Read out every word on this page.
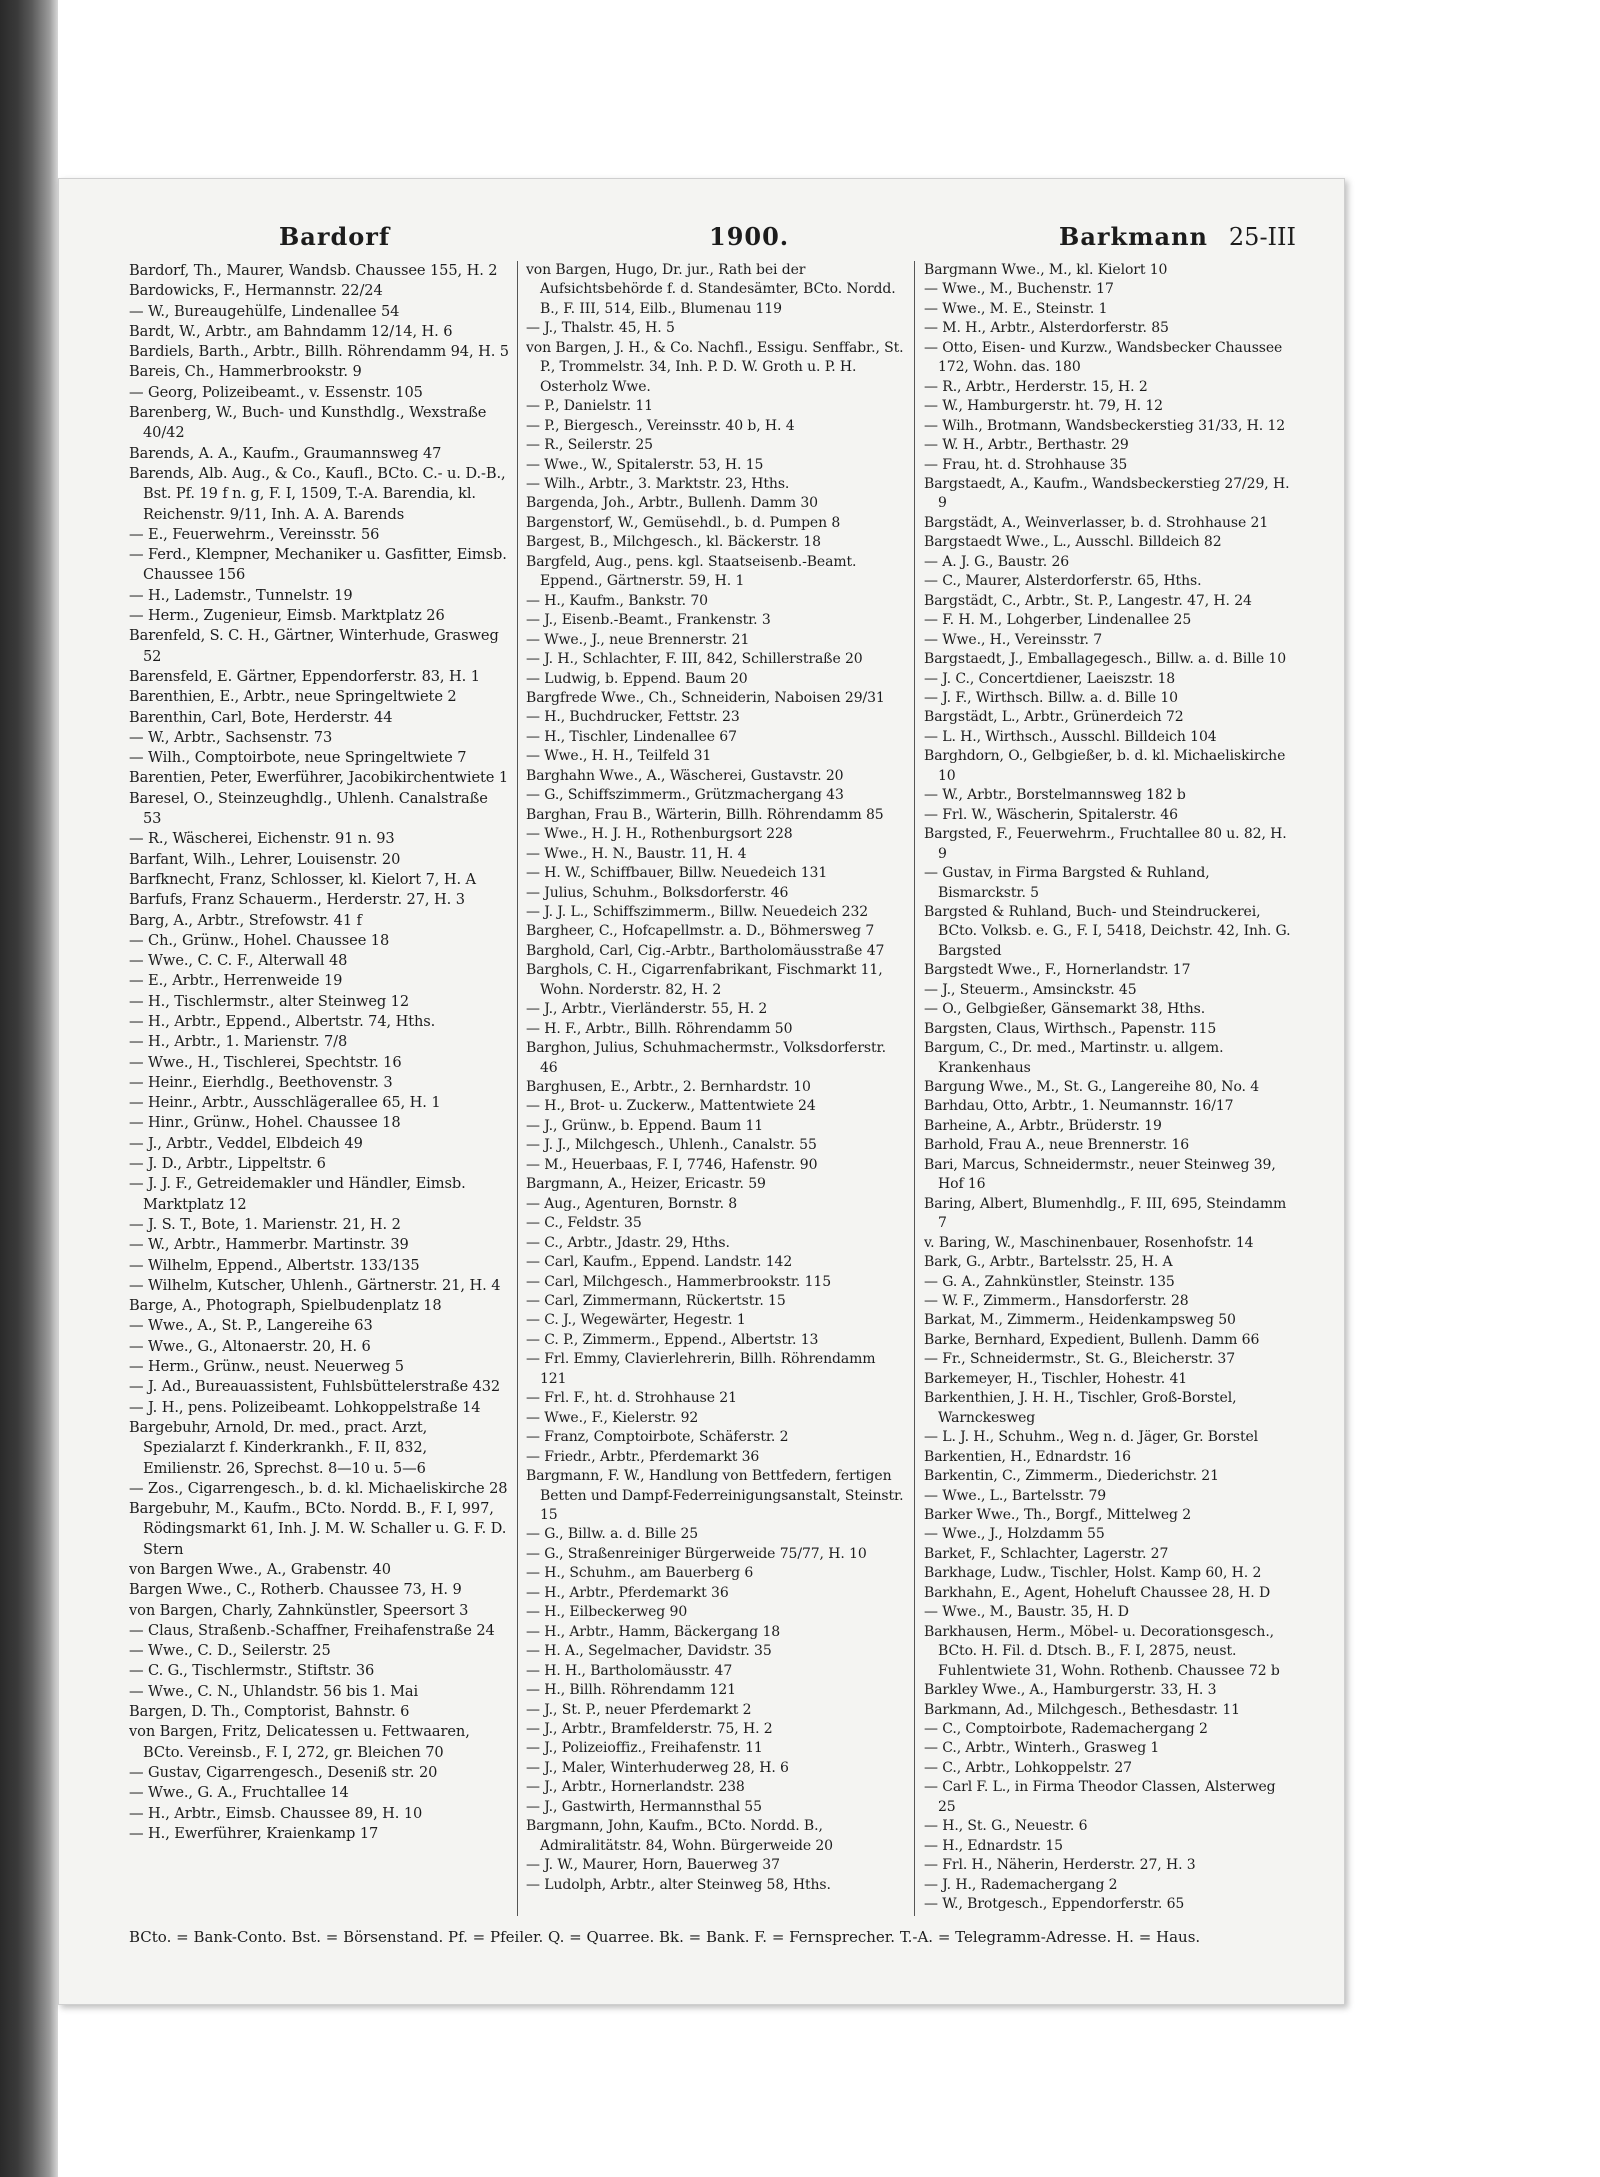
Bardorf	1900.	Barkmann 25-III

Bardorf, Th., Maurer, Wandsb. Chaussee 155, H. 2

Bardowicks, F., Hermannstr. 22/24

— W., Bureaugehülfe, Lindenallee 54

Bardt, W., Arbtr., am Bahndamm 12/14, H. 6

Bardiels, Barth., Arbtr., Billh. Röhrendamm 94, H. 5

Bareis, Ch., Hammerbrookstr. 9

— Georg, Polizeibeamt., v. Essenstr. 105

Barenberg, W., Buch- und Kunsthdlg., Wexstraße 40/42

Barends, A. A., Kaufm., Graumannsweg 47

Barends, Alb. Aug., & Co., Kaufl., BCto. C.- u. D.-B., Bst. Pf. 19 f n. g, F. I, 1509, T.-A. Barendia, kl. Reichenstr. 9/11, Inh. A. A. Barends

— E., Feuerwehrm., Vereinsstr. 56

— Ferd., Klempner, Mechaniker u. Gasfitter, Eimsb. Chaussee 156

— H., Lademstr., Tunnelstr. 19

— Herm., Zugenieur, Eimsb. Marktplatz 26

Barenfeld, S. C. H., Gärtner, Winterhude, Grasweg 52

Barensfeld, E. Gärtner, Eppendorferstr. 83, H. 1

Barenthien, E., Arbtr., neue Springeltwiete 2

Barenthin, Carl, Bote, Herderstr. 44

— W., Arbtr., Sachsenstr. 73

— Wilh., Comptoirbote, neue Springeltwiete 7

Barentien, Peter, Ewerführer, Jacobikirchentwiete 1

Baresel, O., Steinzeughdlg., Uhlenh. Canalstraße 53

— R., Wäscherei, Eichenstr. 91 n. 93

Barfant, Wilh., Lehrer, Louisenstr. 20

Barfknecht, Franz, Schlosser, kl. Kielort 7, H. A

Barfufs, Franz Schauerm., Herderstr. 27, H. 3

Barg, A., Arbtr., Strefowstr. 41 f

— Ch., Grünw., Hohel. Chaussee 18

— Wwe., C. C. F., Alterwall 48

— E., Arbtr., Herrenweide 19

— H., Tischlermstr., alter Steinweg 12

— H., Arbtr., Eppend., Albertstr. 74, Hths.

— H., Arbtr., 1. Marienstr. 7/8

— Wwe., H., Tischlerei, Spechtstr. 16

— Heinr., Eierhdlg., Beethovenstr. 3

— Heinr., Arbtr., Ausschlägerallee 65, H. 1

— Hinr., Grünw., Hohel. Chaussee 18

— J., Arbtr., Veddel, Elbdeich 49

— J. D., Arbtr., Lippeltstr. 6

— J. J. F., Getreidemakler und Händler, Eimsb. Marktplatz 12

— J. S. T., Bote, 1. Marienstr. 21, H. 2

— W., Arbtr., Hammerbr. Martinstr. 39

— Wilhelm, Eppend., Albertstr. 133/135

— Wilhelm, Kutscher, Uhlenh., Gärtnerstr. 21, H. 4

Barge, A., Photograph, Spielbudenplatz 18

— Wwe., A., St. P., Langereihe 63

— Wwe., G., Altonaerstr. 20, H. 6

— Herm., Grünw., neust. Neuerweg 5

— J. Ad., Bureauassistent, Fuhlsbüttelerstraße 432

— J. H., pens. Polizeibeamt. Lohkoppelstraße 14

Bargebuhr, Arnold, Dr. med., pract. Arzt, Spezialarzt f. Kinderkrankh., F. II, 832, Emilienstr. 26, Sprechst. 8—10 u. 5—6

— Zos., Cigarrengesch., b. d. kl. Michaeliskirche 28

Bargebuhr, M., Kaufm., BCto. Nordd. B., F. I, 997, Rödingsmarkt 61, Inh. J. M. W. Schaller u. G. F. D. Stern

von Bargen Wwe., A., Grabenstr. 40

Bargen Wwe., C., Rotherb. Chaussee 73, H. 9

von Bargen, Charly, Zahnkünstler, Speersort 3

— Claus, Straßenb.-Schaffner, Freihafenstraße 24

— Wwe., C. D., Seilerstr. 25

— C. G., Tischlermstr., Stiftstr. 36

— Wwe., C. N., Uhlandstr. 56 bis 1. Mai

Bargen, D. Th., Comptorist, Bahnstr. 6

von Bargen, Fritz, Delicatessen u. Fettwaaren, BCto. Vereinsb., F. I, 272, gr. Bleichen 70

— Gustav, Cigarrengesch., Deseniß str. 20

— Wwe., G. A., Fruchtallee 14

— H., Arbtr., Eimsb. Chaussee 89, H. 10

— H., Ewerführer, Kraienkamp 17

von Bargen, Hugo, Dr. jur., Rath bei der Aufsichtsbehörde f. d. Standesämter, BCto. Nordd. B., F. III, 514, Eilb., Blumenau 119

— J., Thalstr. 45, H. 5

von Bargen, J. H., & Co. Nachfl., Essigu. Senffabr., St. P., Trommelstr. 34, Inh. P. D. W. Groth u. P. H. Osterholz Wwe.

— P., Danielstr. 11

— P., Biergesch., Vereinsstr. 40 b, H. 4

— R., Seilerstr. 25

— Wwe., W., Spitalerstr. 53, H. 15

— Wilh., Arbtr., 3. Marktstr. 23, Hths.

Bargenda, Joh., Arbtr., Bullenh. Damm 30

Bargenstorf, W., Gemüsehdl., b. d. Pumpen 8

Bargest, B., Milchgesch., kl. Bäckerstr. 18

Bargfeld, Aug., pens. kgl. Staatseisenb.-Beamt. Eppend., Gärtnerstr. 59, H. 1

— H., Kaufm., Bankstr. 70

— J., Eisenb.-Beamt., Frankenstr. 3

— Wwe., J., neue Brennerstr. 21

— J. H., Schlachter, F. III, 842, Schillerstraße 20

— Ludwig, b. Eppend. Baum 20

Bargfrede Wwe., Ch., Schneiderin, Naboisen 29/31

— H., Buchdrucker, Fettstr. 23

— H., Tischler, Lindenallee 67

— Wwe., H. H., Teilfeld 31

Barghahn Wwe., A., Wäscherei, Gustavstr. 20

— G., Schiffszimmerm., Grützmachergang 43

Barghan, Frau B., Wärterin, Billh. Röhrendamm 85

— Wwe., H. J. H., Rothenburgsort 228

— Wwe., H. N., Baustr. 11, H. 4

— H. W., Schiffbauer, Billw. Neuedeich 131

— Julius, Schuhm., Bolksdorferstr. 46

— J. J. L., Schiffszimmerm., Billw. Neuedeich 232

Bargheer, C., Hofcapellmstr. a. D., Böhmersweg 7

Barghold, Carl, Cig.-Arbtr., Bartholomäusstraße 47

Barghols, C. H., Cigarrenfabrikant, Fischmarkt 11, Wohn. Norderstr. 82, H. 2

— J., Arbtr., Vierländerstr. 55, H. 2

— H. F., Arbtr., Billh. Röhrendamm 50

Barghon, Julius, Schuhmachermstr., Volksdorferstr. 46

Barghusen, E., Arbtr., 2. Bernhardstr. 10

— H., Brot- u. Zuckerw., Mattentwiete 24

— J., Grünw., b. Eppend. Baum 11

— J. J., Milchgesch., Uhlenh., Canalstr. 55

— M., Heuerbaas, F. I, 7746, Hafenstr. 90

Bargmann, A., Heizer, Ericastr. 59

— Aug., Agenturen, Bornstr. 8

— C., Feldstr. 35

— C., Arbtr., Jdastr. 29, Hths.

— Carl, Kaufm., Eppend. Landstr. 142

— Carl, Milchgesch., Hammerbrookstr. 115

— Carl, Zimmermann, Rückertstr. 15

— C. J., Wegewärter, Hegestr. 1

— C. P., Zimmerm., Eppend., Albertstr. 13

— Frl. Emmy, Clavierlehrerin, Billh. Röhrendamm 121

— Frl. F., ht. d. Strohhause 21

— Wwe., F., Kielerstr. 92

— Franz, Comptoirbote, Schäferstr. 2

— Friedr., Arbtr., Pferdemarkt 36

Bargmann, F. W., Handlung von Bettfedern, fertigen Betten und Dampf-Federreinigungsanstalt, Steinstr. 15

— G., Billw. a. d. Bille 25

— G., Straßenreiniger Bürgerweide 75/77, H. 10

— H., Schuhm., am Bauerberg 6

— H., Arbtr., Pferdemarkt 36

— H., Eilbeckerweg 90

— H., Arbtr., Hamm, Bäckergang 18

— H. A., Segelmacher, Davidstr. 35

— H. H., Bartholomäusstr. 47

— H., Billh. Röhrendamm 121

— J., St. P., neuer Pferdemarkt 2

— J., Arbtr., Bramfelderstr. 75, H. 2

— J., Polizeioffiz., Freihafenstr. 11

— J., Maler, Winterhuderweg 28, H. 6

— J., Arbtr., Hornerlandstr. 238

— J., Gastwirth, Hermannsthal 55

Bargmann, John, Kaufm., BCto. Nordd. B., Admiralitätstr. 84, Wohn. Bürgerweide 20

— J. W., Maurer, Horn, Bauerweg 37

— Ludolph, Arbtr., alter Steinweg 58, Hths.

Bargmann Wwe., M., kl. Kielort 10

— Wwe., M., Buchenstr. 17

— Wwe., M. E., Steinstr. 1

— M. H., Arbtr., Alsterdorferstr. 85

— Otto, Eisen- und Kurzw., Wandsbecker Chaussee 172, Wohn. das. 180

— R., Arbtr., Herderstr. 15, H. 2

— W., Hamburgerstr. ht. 79, H. 12

— Wilh., Brotmann, Wandsbeckerstieg 31/33, H. 12

— W. H., Arbtr., Berthastr. 29

— Frau, ht. d. Strohhause 35

Bargstaedt, A., Kaufm., Wandsbeckerstieg 27/29, H. 9

Bargstädt, A., Weinverlasser, b. d. Strohhause 21

Bargstaedt Wwe., L., Ausschl. Billdeich 82

— A. J. G., Baustr. 26

— C., Maurer, Alsterdorferstr. 65, Hths.

Bargstädt, C., Arbtr., St. P., Langestr. 47, H. 24

— F. H. M., Lohgerber, Lindenallee 25

— Wwe., H., Vereinsstr. 7

Bargstaedt, J., Emballagegesch., Billw. a. d. Bille 10

— J. C., Concertdiener, Laeiszstr. 18

— J. F., Wirthsch. Billw. a. d. Bille 10

Bargstädt, L., Arbtr., Grünerdeich 72

— L. H., Wirthsch., Ausschl. Billdeich 104

Barghdorn, O., Gelbgießer, b. d. kl. Michaeliskirche 10

— W., Arbtr., Borstelmannsweg 182 b

— Frl. W., Wäscherin, Spitalerstr. 46

Bargsted, F., Feuerwehrm., Fruchtallee 80 u. 82, H. 9

— Gustav, in Firma Bargsted & Ruhland, Bismarckstr. 5

Bargsted & Ruhland, Buch- und Steindruckerei, BCto. Volksb. e. G., F. I, 5418, Deichstr. 42, Inh. G. Bargsted

Bargstedt Wwe., F., Hornerlandstr. 17

— J., Steuerm., Amsinckstr. 45

— O., Gelbgießer, Gänsemarkt 38, Hths.

Bargsten, Claus, Wirthsch., Papenstr. 115

Bargum, C., Dr. med., Martinstr. u. allgem. Krankenhaus

Bargung Wwe., M., St. G., Langereihe 80, No. 4

Barhdau, Otto, Arbtr., 1. Neumannstr. 16/17

Barheine, A., Arbtr., Brüderstr. 19

Barhold, Frau A., neue Brennerstr. 16

Bari, Marcus, Schneidermstr., neuer Steinweg 39, Hof 16

Baring, Albert, Blumenhdlg., F. III, 695, Steindamm 7

v. Baring, W., Maschinenbauer, Rosenhofstr. 14

Bark, G., Arbtr., Bartelsstr. 25, H. A

— G. A., Zahnkünstler, Steinstr. 135

— W. F., Zimmerm., Hansdorferstr. 28

Barkat, M., Zimmerm., Heidenkampsweg 50

Barke, Bernhard, Expedient, Bullenh. Damm 66

— Fr., Schneidermstr., St. G., Bleicherstr. 37

Barkemeyer, H., Tischler, Hohestr. 41

Barkenthien, J. H. H., Tischler, Groß-Borstel, Warnckesweg

— L. J. H., Schuhm., Weg n. d. Jäger, Gr. Borstel

Barkentien, H., Ednardstr. 16

Barkentin, C., Zimmerm., Diederichstr. 21

— Wwe., L., Bartelsstr. 79

Barker Wwe., Th., Borgf., Mittelweg 2

— Wwe., J., Holzdamm 55

Barket, F., Schlachter, Lagerstr. 27

Barkhage, Ludw., Tischler, Holst. Kamp 60, H. 2

Barkhahn, E., Agent, Hoheluft Chaussee 28, H. D

— Wwe., M., Baustr. 35, H. D

Barkhausen, Herm., Möbel- u. Decorationsgesch., BCto. H. Fil. d. Dtsch. B., F. I, 2875, neust. Fuhlentwiete 31, Wohn. Rothenb. Chaussee 72 b

Barkley Wwe., A., Hamburgerstr. 33, H. 3

Barkmann, Ad., Milchgesch., Bethesdastr. 11

— C., Comptoirbote, Rademachergang 2

— C., Arbtr., Winterh., Grasweg 1

— C., Arbtr., Lohkoppelstr. 27

— Carl F. L., in Firma Theodor Classen, Alsterweg 25

— H., St. G., Neuestr. 6

— H., Ednardstr. 15

— Frl. H., Näherin, Herderstr. 27, H. 3

— J. H., Rademachergang 2

— W., Brotgesch., Eppendorferstr. 65

BCto. = Bank-Conto. Bst. = Börsenstand. Pf. = Pfeiler. Q. = Quarree. Bk. = Bank. F. = Fernsprecher. T.-A. = Telegramm-Adresse. H. = Haus.
